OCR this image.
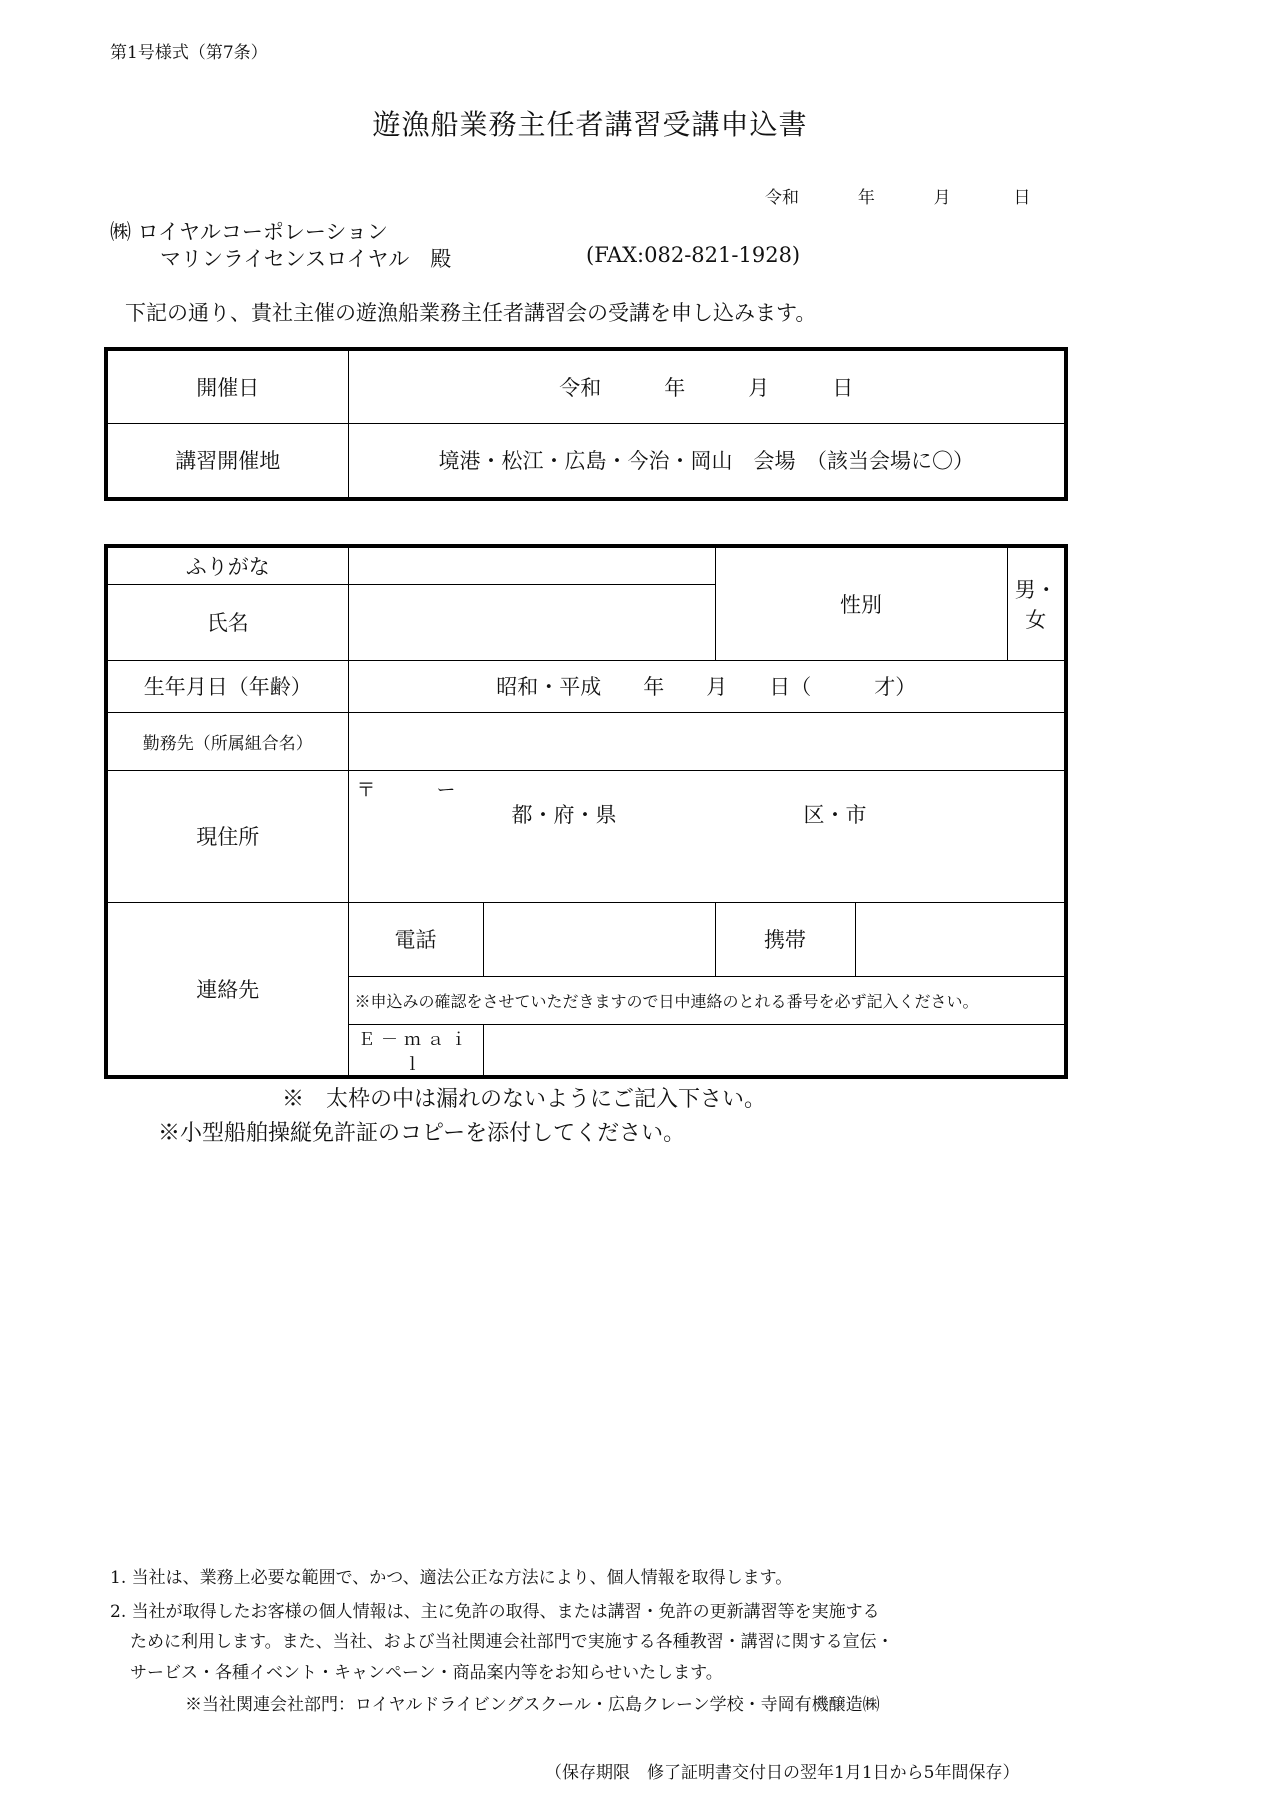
第1号様式（第7条）
遊漁船業務主任者講習受講申込書
令和	年	月	日
㈱ ロイヤルコーポレーション
マリンライセンスロイヤル　殿	(FAX:082-821-1928)
下記の通り、貴社主催の遊漁船業務主任者講習会の受講を申し込みます。
開催日	令和　　　年　　　月　　　日
講習開催地	境港・松江・広島・今治・岡山　会場　（該当会場に〇）
ふりがな			性別		男・女
氏名					
生年月日（年齢）	昭和・平成　　年　　月　　日（　　　才）				
勤務先（所属組合名）					
現住所	〒 ー
都・府・県 区・市				

連絡先	電話		携帯		
	※申込みの確認をさせていただきますので日中連絡のとれる番号を必ず記入ください。				
	Ｅ－ｍａｉｌ				
※　太枠の中は漏れのないようにご記入下さい。
※小型船舶操縦免許証のコピーを添付してください。
1. 当社は、業務上必要な範囲で、かつ、適法公正な方法により、個人情報を取得します。
2. 当社が取得したお客様の個人情報は、主に免許の取得、または講習・免許の更新講習等を実施する
ために利用します。また、当社、および当社関連会社部門で実施する各種教習・講習に関する宣伝・
サービス・各種イベント・キャンペーン・商品案内等をお知らせいたします。
※当社関連会社部門：ロイヤルドライビングスクール・広島クレーン学校・寺岡有機醸造㈱
（保存期限　修了証明書交付日の翌年1月1日から5年間保存）
